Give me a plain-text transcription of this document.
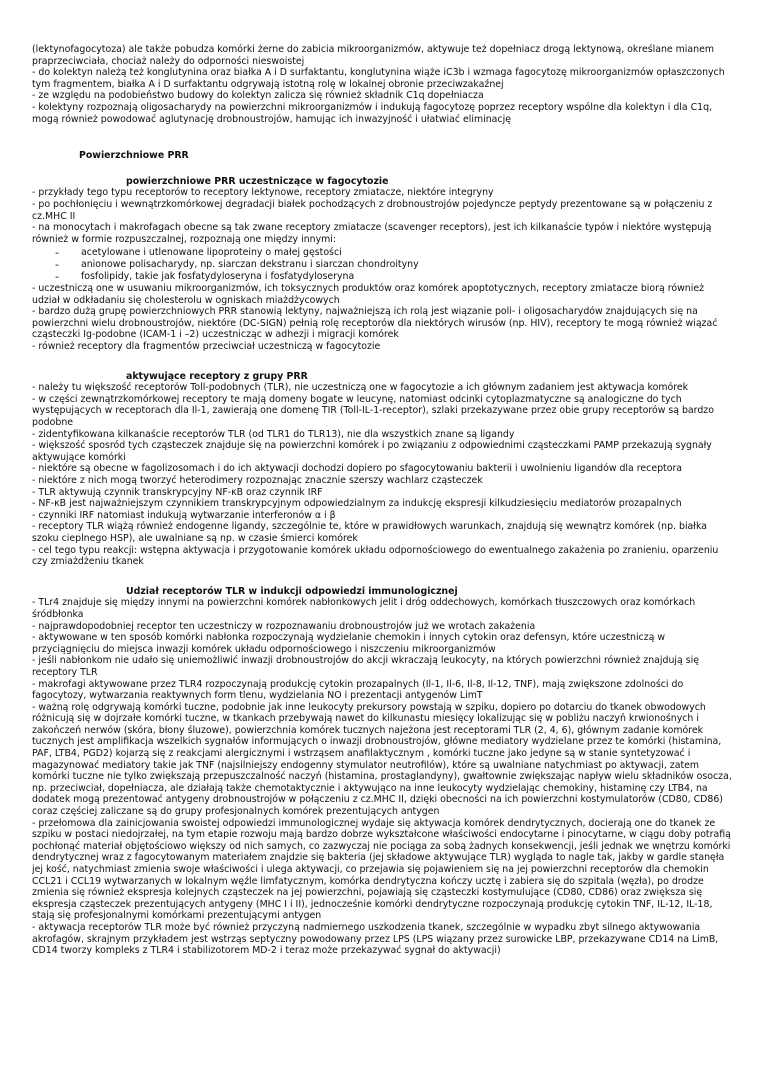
(lektynofagocytoza) ale także pobudza komórki żerne do zabicia mikroorganizmów, aktywuje też dopełniacz drogą lektynową, określane mianem praprzeciwciała, chociaż należy do odporności nieswoistej

- do kolektyn należą też konglutynina oraz białka A i D surfaktantu, konglutynina wiąże iC3b i wzmaga fagocytozę mikroorganizmów opłaszczonych tym fragmentem, białka A i D surfaktantu odgrywają istotną rolę w lokalnej obronie przeciwzakaźnej

- ze względu na podobieństwo budowy do kolektyn zalicza się również składnik C1q dopełniacza

- kolektyny rozpoznają oligosacharydy na powierzchni mikroorganizmów i indukują fagocytozę poprzez receptory wspólne dla kolektyn i dla C1q, mogą również powodować aglutynację drobnoustrojów, hamując ich inwazyjność i ułatwiać eliminację

Powierzchniowe PRR
powierzchniowe PRR uczestniczące w fagocytozie

- przykłady tego typu receptorów to receptory lektynowe, receptory zmiatacze, niektóre integryny

- po pochłonięciu i wewnątrzkomórkowej degradacji białek pochodzących z drobnoustrojów pojedyncze peptydy prezentowane są w połączeniu z cz.MHC II

- na monocytach i makrofagach obecne są tak zwane receptory zmiatacze (scavenger receptors), jest ich kilkanaście typów i niektóre występują również w formie rozpuszczalnej, rozpoznają one między innymi:

- acetylowane i utlenowane lipoproteiny o małej gęstości
- anionowe polisacharydy, np. siarczan dekstranu i siarczan chondroityny
- fosfolipidy, takie jak fosfatydyloseryna i fosfatydyloseryna

- uczestniczą one w usuwaniu mikroorganizmów, ich toksycznych produktów oraz komórek apoptotycznych, receptory zmiatacze biorą również udział w odkładaniu się cholesterolu w ogniskach miażdżycowych

- bardzo dużą grupę powierzchniowych PRR stanowią lektyny, najważniejszą ich rolą jest wiązanie poli- i oligosacharydów znajdujących się na powierzchni wielu drobnoustrojów, niektóre (DC-SIGN) pełnią rolę receptorów dla niektórych wirusów (np. HIV), receptory te mogą również wiązać cząsteczki Ig-podobne (ICAM-1 i –2) uczestnicząc w adhezji i migracji komórek

- również receptory dla fragmentów przeciwciał uczestniczą w fagocytozie

aktywujące receptory z grupy PRR

- należy tu większość receptorów Toll-podobnych (TLR), nie uczestniczą one w fagocytozie a ich głównym zadaniem jest aktywacja komórek

- w części zewnątrzkomórkowej receptory te mają domeny bogate w leucynę, natomiast odcinki cytoplazmatyczne są analogiczne do tych występujących w receptorach dla Il-1, zawierają one domenę TIR (Toll-IL-1-receptor), szlaki przekazywane przez obie grupy receptorów są bardzo podobne

- zidentyfikowana kilkanaście receptorów TLR (od TLR1 do TLR13), nie dla wszystkich znane są ligandy

- większość sposród tych cząsteczek znajduje się na powierzchni komórek i po związaniu z odpowiednimi cząsteczkami PAMP przekazują sygnały aktywujące komórki

- niektóre są obecne w fagolizosomach i do ich aktywacji dochodzi dopiero po sfagocytowaniu bakterii i uwolnieniu ligandów dla receptora

- niektóre z nich mogą tworzyć heterodimery rozpoznając znacznie szerszy wachlarz cząsteczek

- TLR aktywują czynnik transkrypcyjny NF-κB oraz czynnik IRF

- NF-κB jest najważniejszym czynnikiem transkrypcyjnym odpowiedzialnym za indukcję ekspresji kilkudziesięciu mediatorów prozapalnych

- czynniki IRF natomiast indukują wytwarzanie interferonów α i β

- receptory TLR wiążą również endogenne ligandy, szczególnie te, które w prawidłowych warunkach, znajdują się wewnątrz komórek (np. białka szoku cieplnego HSP), ale uwalniane są np. w czasie śmierci komórek

- cel tego typu reakcji: wstępna aktywacja i przygotowanie komórek układu odpornościowego do ewentualnego zakażenia po zranieniu, oparzeniu czy zmiażdżeniu tkanek

Udział receptorów TLR w indukcji odpowiedzi immunologicznej

- TLr4 znajduje się między innymi na powierzchni komórek nabłonkowych jelit i dróg oddechowych, komórkach tłuszczowych oraz komórkach śródbłonka

- najprawdopodobniej receptor ten uczestniczy w rozpoznawaniu drobnoustrojów już we wrotach zakażenia

- aktywowane w ten sposób komórki nabłonka rozpoczynają wydzielanie chemokin i innych cytokin oraz defensyn, które uczestniczą w przyciągnięciu do miejsca inwazji komórek układu odpornościowego i niszczeniu mikroorganizmów

- jeśli nabłonkom nie udało się uniemożliwić inwazji drobnoustrojów do akcji wkraczają leukocyty, na których powierzchni również znajdują się receptory TLR

- makrofagi aktywowane przez TLR4 rozpoczynają produkcję cytokin prozapalnych (Il-1, Il-6, Il-8, Il-12, TNF), mają zwiększone zdolności do fagocytozy, wytwarzania reaktywnych form tlenu, wydzielania NO i prezentacji antygenów LimT

- ważną rolę odgrywają komórki tuczne, podobnie jak inne leukocyty prekursory powstają w szpiku, dopiero po dotarciu do tkanek obwodowych różnicują się w dojrzałe komórki tuczne, w tkankach przebywają nawet do kilkunastu miesięcy lokalizując się w pobliżu naczyń krwionośnych i zakończeń nerwów (skóra, błony śluzowe), powierzchnia komórek tucznych najeżona jest receptorami TLR (2, 4, 6), głównym zadanie komórek tucznych jest amplifikacja wszelkich sygnałów informujących o inwazji drobnoustrojów, główne mediatory wydzielane przez te komórki (histamina, PAF, LTB4, PGD2) kojarzą się z reakcjami alergicznymi i wstrząsem anafilaktycznym , komórki tuczne jako jedyne są w stanie syntetyzować i magazynować mediatory takie jak TNF (najsilniejszy endogenny stymulator neutrofilów), które są uwalniane natychmiast po aktywacji, zatem komórki tuczne nie tylko zwiększają przepuszczalność naczyń (histamina, prostaglandyny), gwałtownie zwiększając napływ wielu składników osocza, np. przeciwciał, dopełniacza, ale działają także chemotaktycznie i aktywująco na inne leukocyty wydzielając chemokiny, histaminę czy LTB4, na dodatek mogą prezentować antygeny drobnoustrojów w połączeniu z cz.MHC II, dzięki obecności na ich powierzchni kostymulatorów (CD80, CD86) coraz częściej zaliczane są do grupy profesjonalnych komórek prezentujących antygen

- przełomowa dla zainicjowania swoistej odpowiedzi immunologicznej wydaje się aktywacja komórek dendrytycznych, docierają one do tkanek ze szpiku w postaci niedojrzałej, na tym etapie rozwoju mają bardzo dobrze wykształcone właściwości endocytarne i pinocytarne, w ciągu doby potrafią pochłonąć materiał objętościowo większy od nich samych, co zazwyczaj nie pociąga za sobą żadnych konsekwencji, jeśli jednak we wnętrzu komórki dendrytycznej wraz z fagocytowanym materiałem znajdzie się bakteria (jej składowe aktywujące TLR) wygląda to nagle tak, jakby w gardle stanęła jej kość, natychmiast zmienia swoje właściwości i ulega aktywacji, co przejawia się pojawieniem się na jej powierzchni receptorów dla chemokin CCL21 i CCL19 wytwarzanych w lokalnym węźle limfatycznym, komórka dendrytyczna kończy ucztę i zabiera się do szpitala (węzła), po drodze zmienia się również ekspresja kolejnych cząsteczek na jej powierzchni, pojawiają się cząsteczki kostymulujące (CD80, CD86) oraz zwiększa się ekspresja cząsteczek prezentujących antygeny (MHC I i II), jednocześnie komórki dendrytyczne rozpoczynają produkcję cytokin TNF, IL-12, IL-18, stają się profesjonalnymi komórkami prezentującymi antygen

- aktywacja receptorów TLR może być również przyczyną nadmiernego uszkodzenia tkanek, szczególnie w wypadku zbyt silnego aktywowania akrofagów, skrajnym przykładem jest wstrząs septyczny powodowany przez LPS (LPS wiązany przez surowicke LBP, przekazywane CD14 na LimB, CD14 tworzy kompleks z TLR4 i stabilizotorem MD-2 i teraz może przekazywać sygnał do aktywacji)
